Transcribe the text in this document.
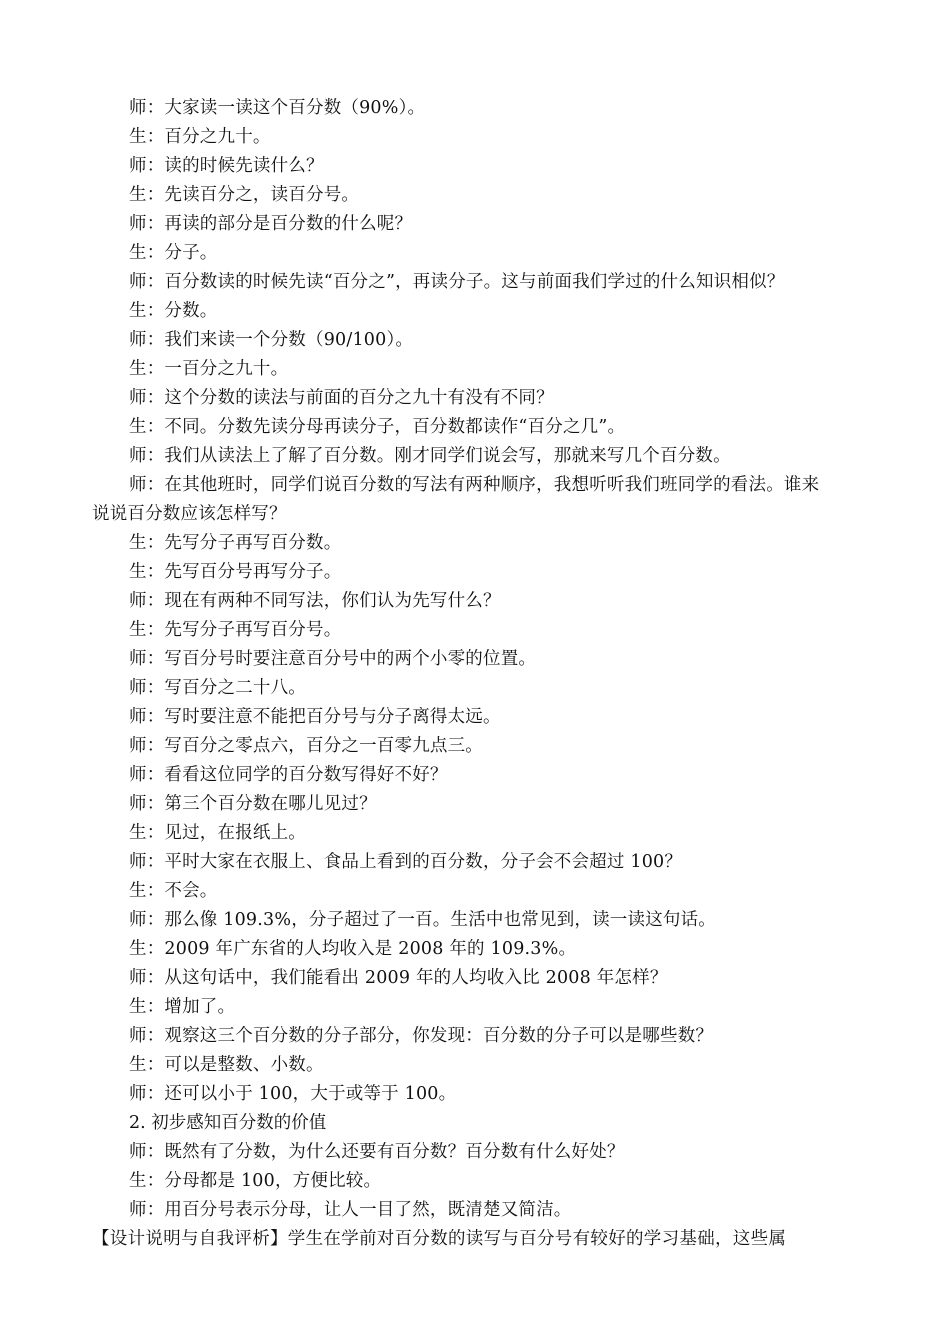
师：大家读一读这个百分数（90%）。
生：百分之九十。
师：读的时候先读什么？
生：先读百分之，读百分号。
师：再读的部分是百分数的什么呢？
生：分子。
师：百分数读的时候先读“百分之”，再读分子。这与前面我们学过的什么知识相似？
生：分数。
师：我们来读一个分数（90/100）。
生：一百分之九十。
师：这个分数的读法与前面的百分之九十有没有不同？
生：不同。分数先读分母再读分子，百分数都读作“百分之几”。
师：我们从读法上了解了百分数。刚才同学们说会写，那就来写几个百分数。
师：在其他班时，同学们说百分数的写法有两种顺序，我想听听我们班同学的看法。谁来
说说百分数应该怎样写？
生：先写分子再写百分数。
生：先写百分号再写分子。
师：现在有两种不同写法，你们认为先写什么？
生：先写分子再写百分号。
师：写百分号时要注意百分号中的两个小零的位置。
师：写百分之二十八。
师：写时要注意不能把百分号与分子离得太远。
师：写百分之零点六，百分之一百零九点三。
师：看看这位同学的百分数写得好不好？
师：第三个百分数在哪儿见过？
生：见过，在报纸上。
师：平时大家在衣服上、食品上看到的百分数，分子会不会超过 100？
生：不会。
师：那么像 109.3%，分子超过了一百。生活中也常见到，读一读这句话。
生：2009 年广东省的人均收入是 2008 年的 109.3%。
师：从这句话中，我们能看出 2009 年的人均收入比 2008 年怎样？
生：增加了。
师：观察这三个百分数的分子部分，你发现：百分数的分子可以是哪些数？
生：可以是整数、小数。
师：还可以小于 100，大于或等于 100。
2. 初步感知百分数的价值
师：既然有了分数，为什么还要有百分数？百分数有什么好处？
生：分母都是 100，方便比较。
师：用百分号表示分母，让人一目了然，既清楚又简洁。
【设计说明与自我评析】学生在学前对百分数的读写与百分号有较好的学习基础，这些属
